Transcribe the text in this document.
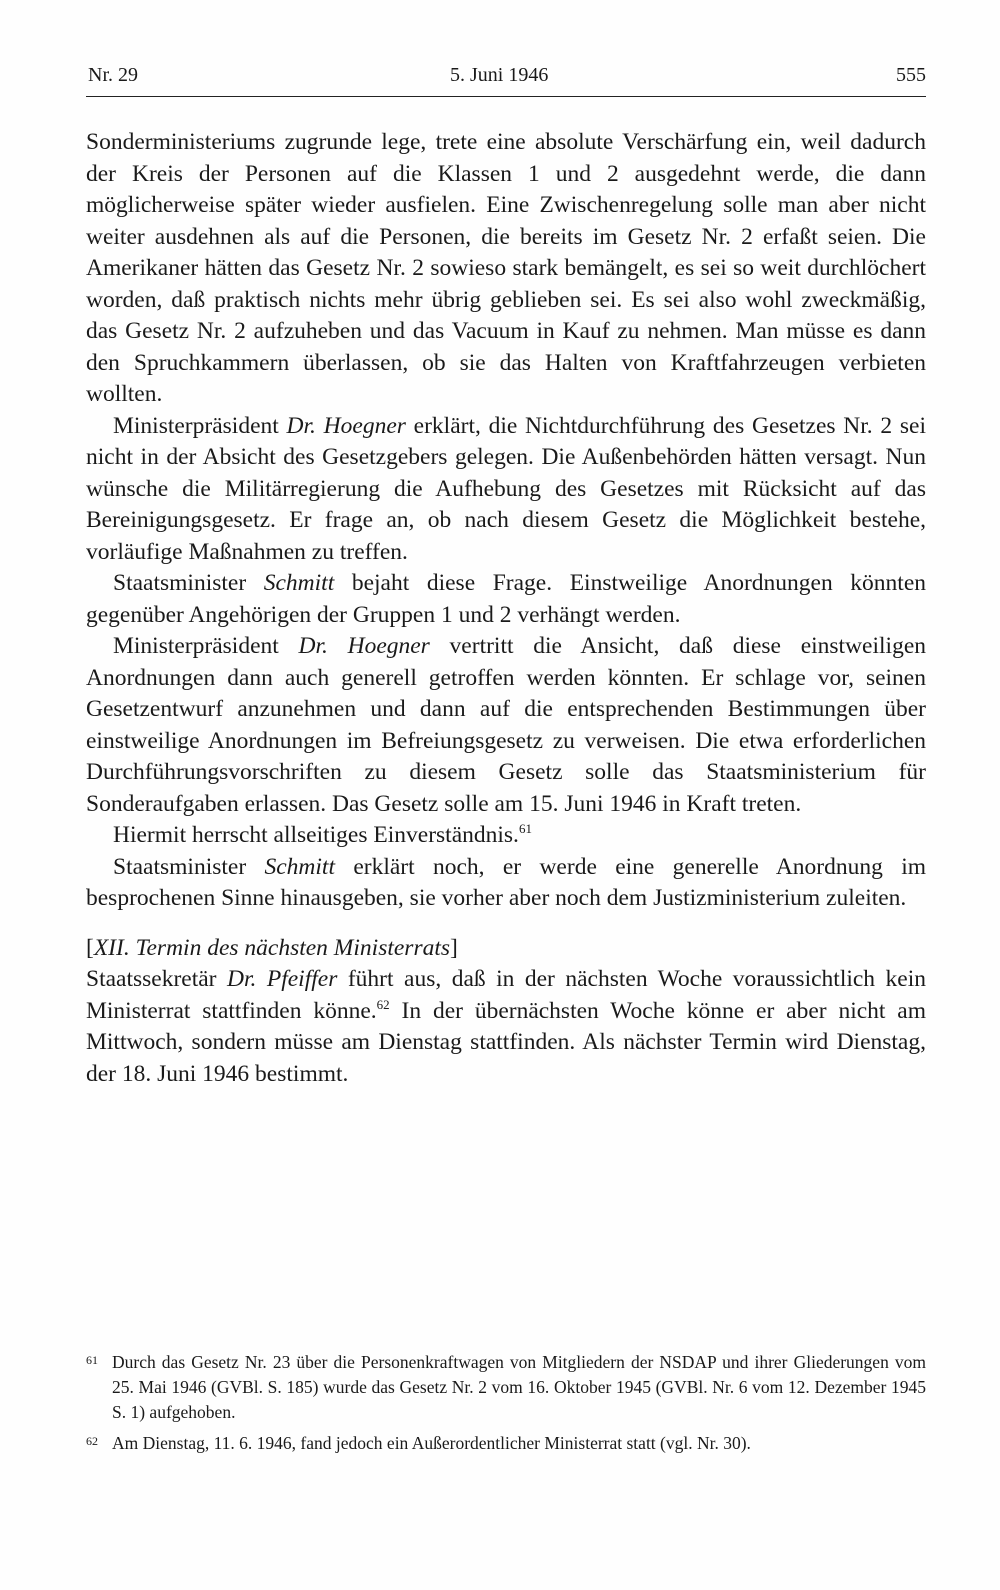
Nr. 29	5. Juni 1946	555

Sonderministeriums zugrunde lege, trete eine absolute Verschärfung ein, weil dadurch der Kreis der Personen auf die Klassen 1 und 2 ausgedehnt werde, die dann möglicherweise später wieder ausfielen. Eine Zwischenregelung solle man aber nicht weiter ausdehnen als auf die Personen, die bereits im Gesetz Nr. 2 erfaßt seien. Die Amerikaner hätten das Gesetz Nr. 2 sowieso stark bemängelt, es sei so weit durchlöchert worden, daß praktisch nichts mehr übrig geblieben sei. Es sei also wohl zweckmäßig, das Gesetz Nr. 2 aufzuheben und das Vacuum in Kauf zu nehmen. Man müsse es dann den Spruchkammern überlassen, ob sie das Halten von Kraftfahrzeugen verbieten wollten.

Ministerpräsident Dr. Hoegner erklärt, die Nichtdurchführung des Gesetzes Nr. 2 sei nicht in der Absicht des Gesetzgebers gelegen. Die Außenbehörden hätten versagt. Nun wünsche die Militärregierung die Aufhebung des Gesetzes mit Rücksicht auf das Bereinigungsgesetz. Er frage an, ob nach diesem Gesetz die Möglichkeit bestehe, vorläufige Maßnahmen zu treffen.

Staatsminister Schmitt bejaht diese Frage. Einstweilige Anordnungen könnten gegenüber Angehörigen der Gruppen 1 und 2 verhängt werden.

Ministerpräsident Dr. Hoegner vertritt die Ansicht, daß diese einstweiligen Anordnungen dann auch generell getroffen werden könnten. Er schlage vor, seinen Gesetzentwurf anzunehmen und dann auf die entsprechenden Bestimmungen über einstweilige Anordnungen im Befreiungsgesetz zu verweisen. Die etwa erforderlichen Durchführungsvorschriften zu diesem Gesetz solle das Staatsministerium für Sonderaufgaben erlassen. Das Gesetz solle am 15. Juni 1946 in Kraft treten.

Hiermit herrscht allseitiges Einverständnis.$^{61}$

Staatsminister Schmitt erklärt noch, er werde eine generelle Anordnung im besprochenen Sinne hinausgeben, sie vorher aber noch dem Justizministerium zuleiten.

[XII. Termin des nächsten Ministerrats]

Staatssekretär Dr. Pfeiffer führt aus, daß in der nächsten Woche voraussichtlich kein Ministerrat stattfinden könne.$^{62}$ In der übernächsten Woche könne er aber nicht am Mittwoch, sondern müsse am Dienstag stattfinden. Als nächster Termin wird Dienstag, der 18. Juni 1946 bestimmt.

61 Durch das Gesetz Nr. 23 über die Personenkraftwagen von Mitgliedern der NSDAP und ihrer Gliederungen vom 25. Mai 1946 (GVBl. S. 185) wurde das Gesetz Nr. 2 vom 16. Oktober 1945 (GVBl. Nr. 6 vom 12. Dezember 1945 S. 1) aufgehoben.
62 Am Dienstag, 11. 6. 1946, fand jedoch ein Außerordentlicher Ministerrat statt (vgl. Nr. 30).
